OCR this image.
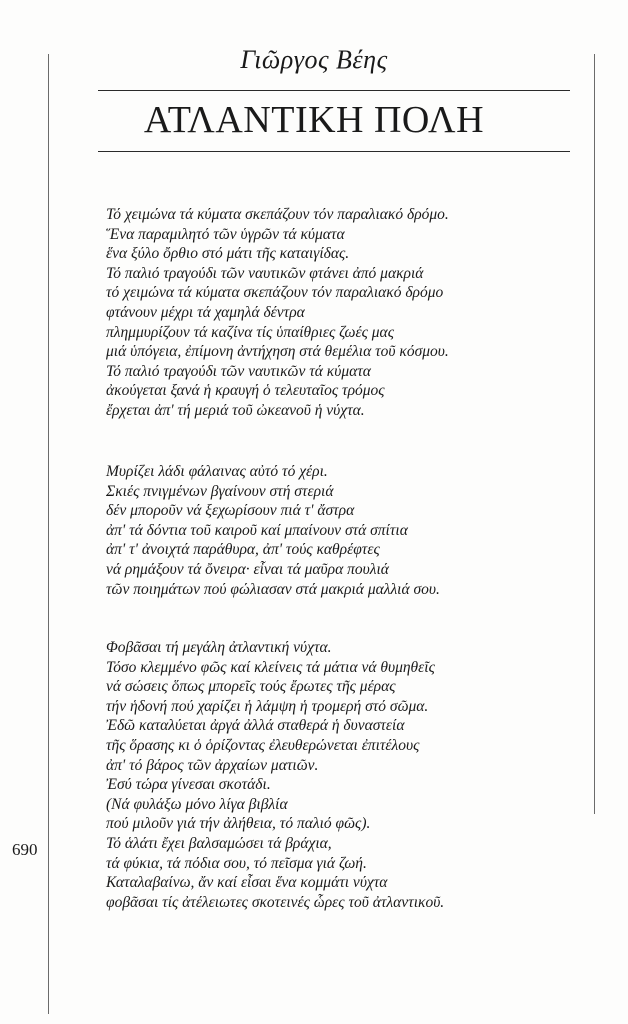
Γιῶργος Βέης
ΑΤΛΑΝΤΙΚΗ ΠΟΛΗ
Τό χειμώνα τά κύματα σκεπάζουν τόν παραλιακό δρόμο.
Ἕνα παραμιλητό τῶν ὑγρῶν τά κύματα
ἕνα ξύλο ὄρθιο στό μάτι τῆς καταιγίδας.
Τό παλιό τραγούδι τῶν ναυτικῶν φτάνει ἀπό μακριά
τό χειμώνα τά κύματα σκεπάζουν τόν παραλιακό δρόμο
φτάνουν μέχρι τά χαμηλά δέντρα
πλημμυρίζουν τά καζίνα τίς ὑπαίθριες ζωές μας
μιά ὑπόγεια, ἐπίμονη ἀντήχηση στά θεμέλια τοῦ κόσμου.
Τό παλιό τραγούδι τῶν ναυτικῶν τά κύματα
ἀκούγεται ξανά ἡ κραυγή ὁ τελευταῖος τρόμος
ἔρχεται ἀπ' τή μεριά τοῦ ὠκεανοῦ ἡ νύχτα.
Μυρίζει λάδι φάλαινας αὐτό τό χέρι.
Σκιές πνιγμένων βγαίνουν στή στεριά
δέν μποροῦν νά ξεχωρίσουν πιά τ' ἄστρα
ἀπ' τά δόντια τοῦ καιροῦ καί μπαίνουν στά σπίτια
ἀπ' τ' ἀνοιχτά παράθυρα, ἀπ' τούς καθρέφτες
νά ρημάξουν τά ὄνειρα· εἶναι τά μαῦρα πουλιά
τῶν ποιημάτων πού φώλιασαν στά μακριά μαλλιά σου.
Φοβᾶσαι τή μεγάλη ἀτλαντική νύχτα.
Τόσο κλεμμένο φῶς καί κλείνεις τά μάτια νά θυμηθεῖς
νά σώσεις ὅπως μπορεῖς τούς ἔρωτες τῆς μέρας
τήν ἡδονή πού χαρίζει ἡ λάμψη ἡ τρομερή στό σῶμα.
Ἐδῶ καταλύεται ἀργά ἀλλά σταθερά ἡ δυναστεία
τῆς ὅρασης κι ὁ ὁρίζοντας ἐλευθερώνεται ἐπιτέλους
ἀπ' τό βάρος τῶν ἀρχαίων ματιῶν.
Ἐσύ τώρα γίνεσαι σκοτάδι.
(Νά φυλάξω μόνο λίγα βιβλία
πού μιλοῦν γιά τήν ἀλήθεια, τό παλιό φῶς).
Τό ἁλάτι ἔχει βαλσαμώσει τά βράχια,
τά φύκια, τά πόδια σου, τό πεῖσμα γιά ζωή.
Καταλαβαίνω, ἄν καί εἶσαι ἕνα κομμάτι νύχτα
φοβᾶσαι τίς ἀτέλειωτες σκοτεινές ὧρες τοῦ ἀτλαντικοῦ.
690
